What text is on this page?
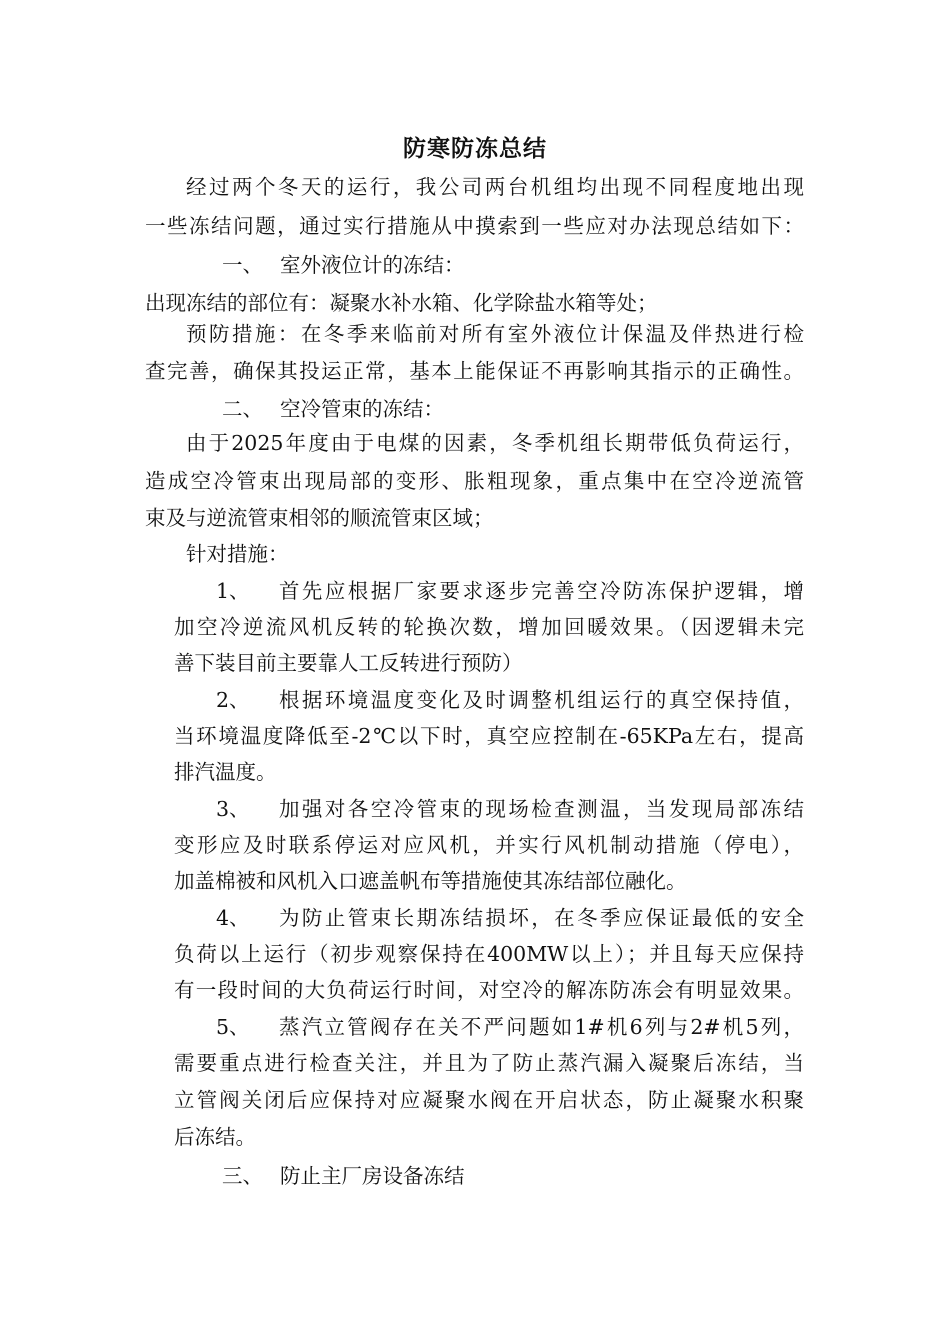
防寒防冻总结
经过两个冬天的运行，我公司两台机组均出现不同程度地出现
一些冻结问题，通过实行措施从中摸索到一些应对办法现总结如下：
一、 室外液位计的冻结：
出现冻结的部位有：凝聚水补水箱、化学除盐水箱等处；
预防措施：在冬季来临前对所有室外液位计保温及伴热进行检
查完善，确保其投运正常，基本上能保证不再影响其指示的正确性。
二、 空冷管束的冻结：
由于2025年度由于电煤的因素，冬季机组长期带低负荷运行，
造成空冷管束出现局部的变形、胀粗现象，重点集中在空冷逆流管
束及与逆流管束相邻的顺流管束区域；
针对措施：
1、 首先应根据厂家要求逐步完善空冷防冻保护逻辑，增
加空冷逆流风机反转的轮换次数，增加回暖效果。（因逻辑未完
善下装目前主要靠人工反转进行预防）
2、 根据环境温度变化及时调整机组运行的真空保持值，
当环境温度降低至-2℃以下时，真空应控制在-65KPa左右，提高
排汽温度。
3、 加强对各空冷管束的现场检查测温，当发现局部冻结
变形应及时联系停运对应风机，并实行风机制动措施（停电），
加盖棉被和风机入口遮盖帆布等措施使其冻结部位融化。
4、 为防止管束长期冻结损坏，在冬季应保证最低的安全
负荷以上运行（初步观察保持在400MW以上）；并且每天应保持
有一段时间的大负荷运行时间，对空冷的解冻防冻会有明显效果。
5、 蒸汽立管阀存在关不严问题如1#机6列与2#机5列，
需要重点进行检查关注，并且为了防止蒸汽漏入凝聚后冻结，当
立管阀关闭后应保持对应凝聚水阀在开启状态，防止凝聚水积聚
后冻结。
三、 防止主厂房设备冻结
